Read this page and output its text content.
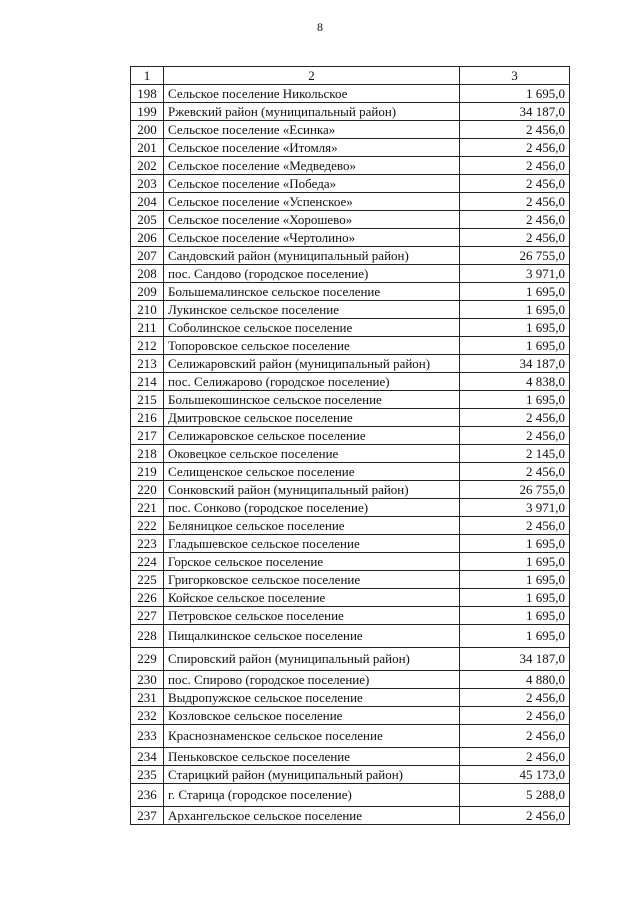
8
1	2	3
198	Сельское поселение Никольское	1 695,0
199	Ржевский район (муниципальный район)	34 187,0
200	Сельское поселение «Есинка»	2 456,0
201	Сельское поселение «Итомля»	2 456,0
202	Сельское поселение «Медведево»	2 456,0
203	Сельское поселение «Победа»	2 456,0
204	Сельское поселение «Успенское»	2 456,0
205	Сельское поселение «Хорошево»	2 456,0
206	Сельское поселение «Чертолино»	2 456,0
207	Сандовский район (муниципальный район)	26 755,0
208	пос. Сандово (городское поселение)	3 971,0
209	Большемалинское сельское поселение	1 695,0
210	Лукинское сельское поселение	1 695,0
211	Соболинское сельское поселение	1 695,0
212	Топоровское сельское поселение	1 695,0
213	Селижаровский район (муниципальный район)	34 187,0
214	пос. Селижарово (городское поселение)	4 838,0
215	Большекошинское сельское поселение	1 695,0
216	Дмитровское сельское поселение	2 456,0
217	Селижаровское сельское поселение	2 456,0
218	Оковецкое сельское поселение	2 145,0
219	Селищенское сельское поселение	2 456,0
220	Сонковский район (муниципальный район)	26 755,0
221	пос. Сонково (городское поселение)	3 971,0
222	Беляницкое сельское поселение	2 456,0
223	Гладышевское сельское поселение	1 695,0
224	Горское сельское поселение	1 695,0
225	Григорковское сельское поселение	1 695,0
226	Койское сельское поселение	1 695,0
227	Петровское сельское поселение	1 695,0
228	Пищалкинское сельское поселение	1 695,0
229	Спировский район (муниципальный район)	34 187,0
230	пос. Спирово (городское поселение)	4 880,0
231	Выдропужское сельское поселение	2 456,0
232	Козловское сельское поселение	2 456,0
233	Краснознаменское сельское поселение	2 456,0
234	Пеньковское сельское поселение	2 456,0
235	Старицкий район (муниципальный район)	45 173,0
236	г. Старица (городское поселение)	5 288,0
237	Архангельское сельское поселение	2 456,0
